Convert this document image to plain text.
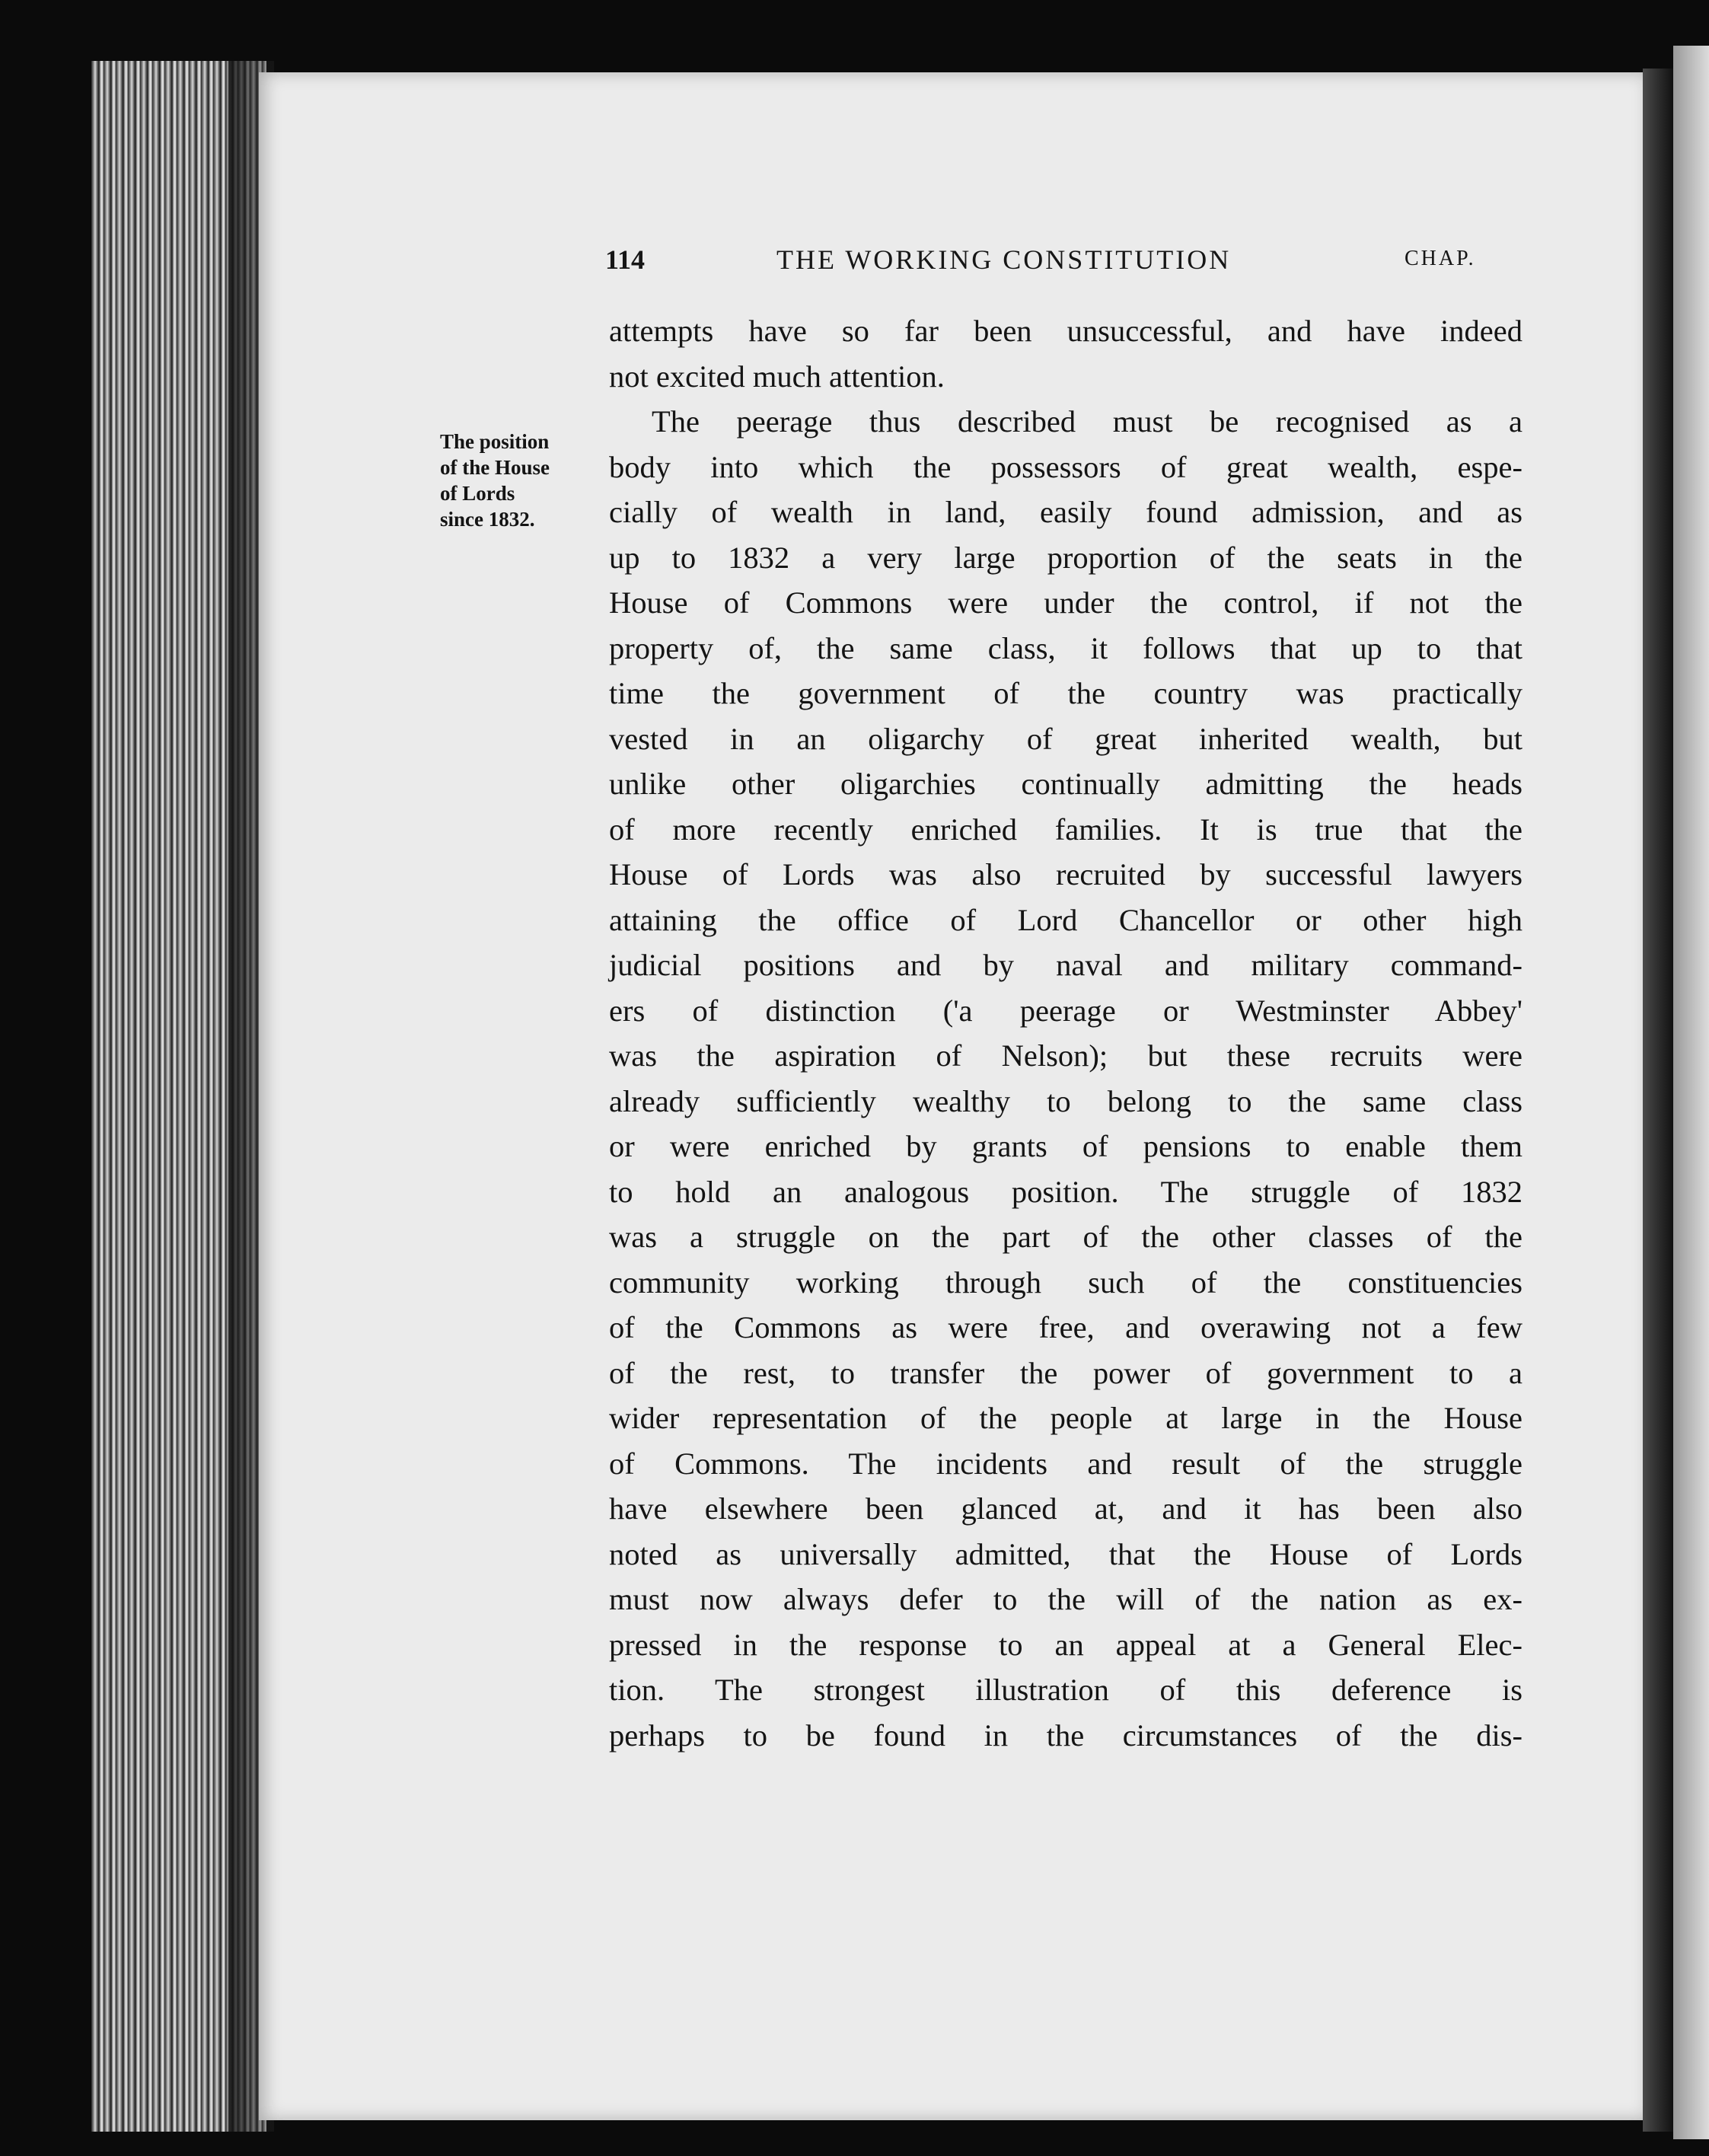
114	THE WORKING CONSTITUTION	CHAP.
The position
of the House
of Lords
since 1832.
attempts have so far been unsuccessful, and have indeed
not excited much attention.
The peerage thus described must be recognised as a
body into which the possessors of great wealth, espe-
cially of wealth in land, easily found admission, and as
up to 1832 a very large proportion of the seats in the
House of Commons were under the control, if not the
property of, the same class, it follows that up to that
time the government of the country was practically
vested in an oligarchy of great inherited wealth, but
unlike other oligarchies continually admitting the heads
of more recently enriched families. It is true that the
House of Lords was also recruited by successful lawyers
attaining the office of Lord Chancellor or other high
judicial positions and by naval and military command-
ers of distinction ('a peerage or Westminster Abbey'
was the aspiration of Nelson); but these recruits were
already sufficiently wealthy to belong to the same class
or were enriched by grants of pensions to enable them
to hold an analogous position. The struggle of 1832
was a struggle on the part of the other classes of the
community working through such of the constituencies
of the Commons as were free, and overawing not a few
of the rest, to transfer the power of government to a
wider representation of the people at large in the House
of Commons. The incidents and result of the struggle
have elsewhere been glanced at, and it has been also
noted as universally admitted, that the House of Lords
must now always defer to the will of the nation as ex-
pressed in the response to an appeal at a General Elec-
tion. The strongest illustration of this deference is
perhaps to be found in the circumstances of the dis-
